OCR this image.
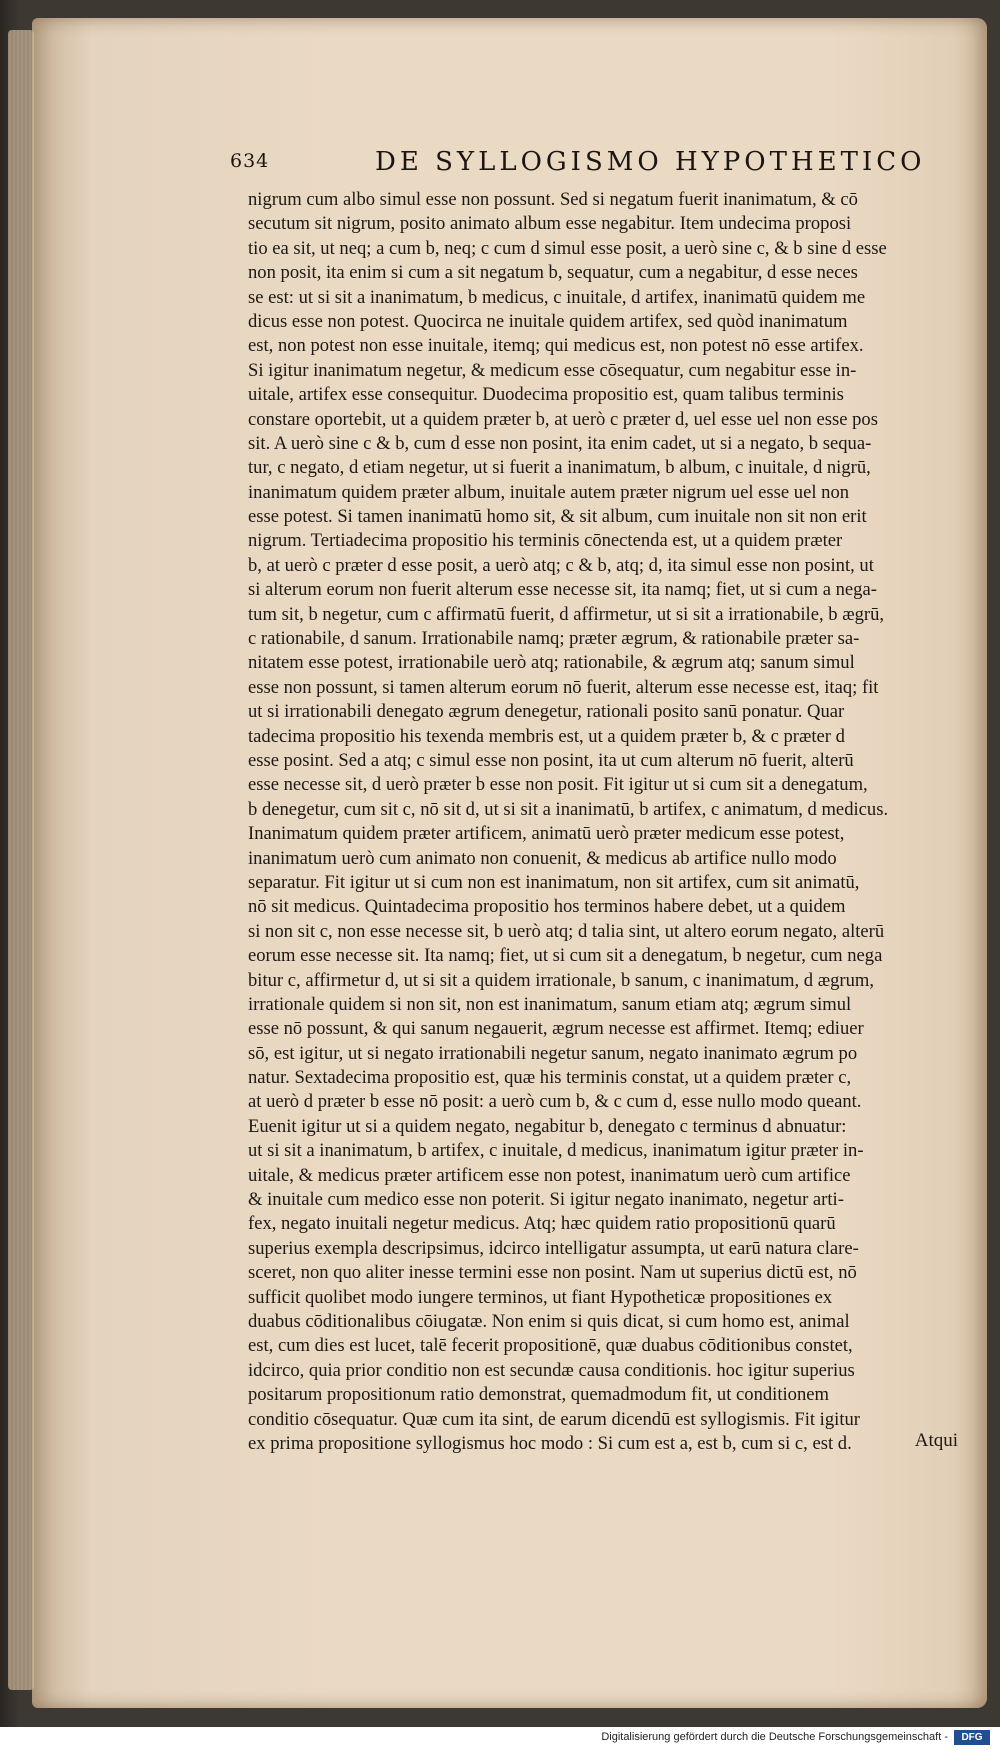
634	DE SYLLOGISMO HYPOTHETICO
nigrum cum albo simul esse non possunt. Sed si negatum fuerit inanimatum, & cō
secutum sit nigrum, posito animato album esse negabitur. Item undecima proposi
tio ea sit, ut neq; a cum b, neq; c cum d simul esse posit, a uerò sine c, & b sine d esse
non posit, ita enim si cum a sit negatum b, sequatur, cum a negabitur, d esse neces
se est: ut si sit a inanimatum, b medicus, c inuitale, d artifex, inanimatū quidem me
dicus esse non potest. Quocirca ne inuitale quidem artifex, sed quòd inanimatum
est, non potest non esse inuitale, itemq; qui medicus est, non potest nō esse artifex.
Si igitur inanimatum negetur, & medicum esse cōsequatur, cum negabitur esse in-
uitale, artifex esse consequitur. Duodecima propositio est, quam talibus terminis
constare oportebit, ut a quidem præter b, at uerò c præter d, uel esse uel non esse pos
sit. A uerò sine c & b, cum d esse non posint, ita enim cadet, ut si a negato, b sequa-
tur, c negato, d etiam negetur, ut si fuerit a inanimatum, b album, c inuitale, d nigrū,
inanimatum quidem præter album, inuitale autem præter nigrum uel esse uel non
esse potest. Si tamen inanimatū homo sit, & sit album, cum inuitale non sit non erit
nigrum. Tertiadecima propositio his terminis cōnectenda est, ut a quidem præter
b, at uerò c præter d esse posit, a uerò atq; c & b, atq; d, ita simul esse non posint, ut
si alterum eorum non fuerit alterum esse necesse sit, ita namq; fiet, ut si cum a nega-
tum sit, b negetur, cum c affirmatū fuerit, d affirmetur, ut si sit a irrationabile, b ægrū,
c rationabile, d sanum. Irrationabile namq; præter ægrum, & rationabile præter sa-
nitatem esse potest, irrationabile uerò atq; rationabile, & ægrum atq; sanum simul
esse non possunt, si tamen alterum eorum nō fuerit, alterum esse necesse est, itaq; fit
ut si irrationabili denegato ægrum denegetur, rationali posito sanū ponatur. Quar
tadecima propositio his texenda membris est, ut a quidem præter b, & c præter d
esse posint. Sed a atq; c simul esse non posint, ita ut cum alterum nō fuerit, alterū
esse necesse sit, d uerò præter b esse non posit. Fit igitur ut si cum sit a denegatum,
b denegetur, cum sit c, nō sit d, ut si sit a inanimatū, b artifex, c animatum, d medicus.
Inanimatum quidem præter artificem, animatū uerò præter medicum esse potest,
inanimatum uerò cum animato non conuenit, & medicus ab artifice nullo modo
separatur. Fit igitur ut si cum non est inanimatum, non sit artifex, cum sit animatū,
nō sit medicus. Quintadecima propositio hos terminos habere debet, ut a quidem
si non sit c, non esse necesse sit, b uerò atq; d talia sint, ut altero eorum negato, alterū
eorum esse necesse sit. Ita namq; fiet, ut si cum sit a denegatum, b negetur, cum nega
bitur c, affirmetur d, ut si sit a quidem irrationale, b sanum, c inanimatum, d ægrum,
irrationale quidem si non sit, non est inanimatum, sanum etiam atq; ægrum simul
esse nō possunt, & qui sanum negauerit, ægrum necesse est affirmet. Itemq; ediuer
sō, est igitur, ut si negato irrationabili negetur sanum, negato inanimato ægrum po
natur. Sextadecima propositio est, quæ his terminis constat, ut a quidem præter c,
at uerò d præter b esse nō posit: a uerò cum b, & c cum d, esse nullo modo queant.
Euenit igitur ut si a quidem negato, negabitur b, denegato c terminus d abnuatur:
ut si sit a inanimatum, b artifex, c inuitale, d medicus, inanimatum igitur præter in-
uitale, & medicus præter artificem esse non potest, inanimatum uerò cum artifice
& inuitale cum medico esse non poterit. Si igitur negato inanimato, negetur arti-
fex, negato inuitali negetur medicus. Atq; hæc quidem ratio propositionū quarū
superius exempla descripsimus, idcirco intelligatur assumpta, ut earū natura clare-
sceret, non quo aliter inesse termini esse non posint. Nam ut superius dictū est, nō
sufficit quolibet modo iungere terminos, ut fiant Hypotheticæ propositiones ex
duabus cōditionalibus cōiugatæ. Non enim si quis dicat, si cum homo est, animal
est, cum dies est lucet, talē fecerit propositionē, quæ duabus cōditionibus constet,
idcirco, quia prior conditio non est secundæ causa conditionis. hoc igitur superius
positarum propositionum ratio demonstrat, quemadmodum fit, ut conditionem
conditio cōsequatur. Quæ cum ita sint, de earum dicendū est syllogismis. Fit igitur
ex prima propositione syllogismus hoc modo : Si cum est a, est b, cum si c, est d.	Atqui
Digitalisierung gefördert durch die Deutsche Forschungsgemeinschaft -	DFG
